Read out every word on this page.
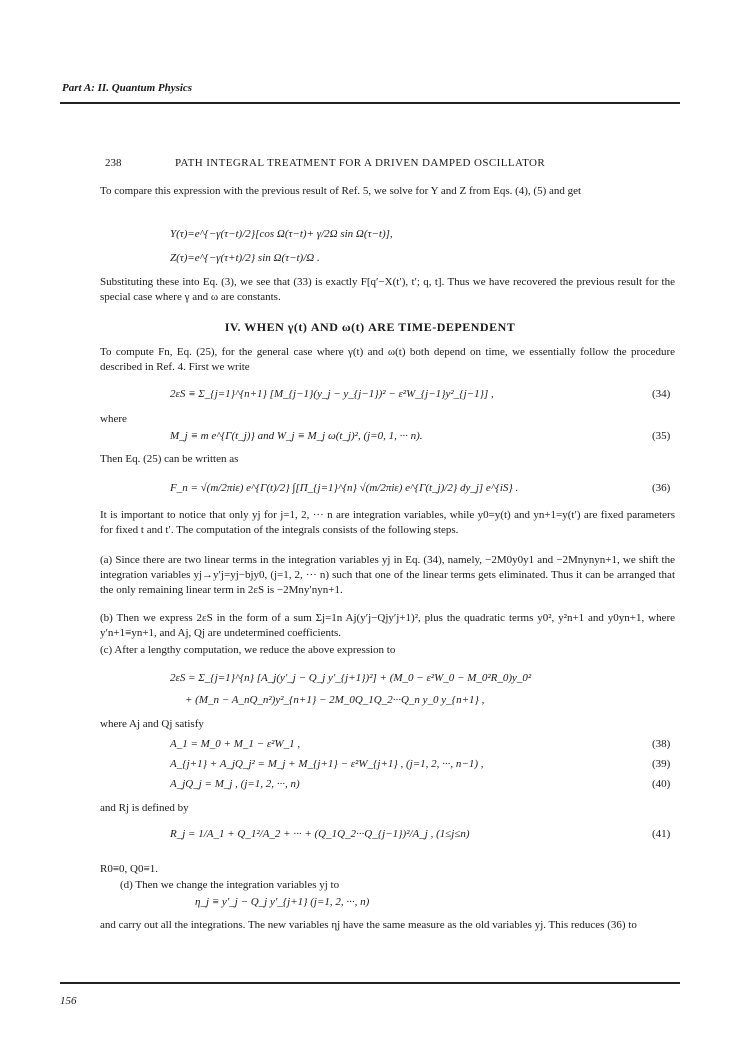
Part A: II. Quantum Physics
238	PATH INTEGRAL TREATMENT FOR A DRIVEN DAMPED OSCILLATOR
To compare this expression with the previous result of Ref. 5, we solve for Y and Z from Eqs. (4), (5) and get
Y(τ)=e^{−γ(τ−t)/2}[cos Ω(τ−t)+ γ/2Ω sin Ω(τ−t)],
Z(τ)=e^{−γ(τ+t)/2} sin Ω(τ−t)/Ω .
Substituting these into Eq. (3), we see that (33) is exactly F[q′−X(t′), t′; q, t]. Thus we have recovered the previous result for the special case where γ and ω are constants.
IV. WHEN γ(t) AND ω(t) ARE TIME-DEPENDENT
To compute Fn, Eq. (25), for the general case where γ(t) and ω(t) both depend on time, we essentially follow the procedure described in Ref. 4. First we write
2εS ≡ Σ_{j=1}^{n+1} [M_{j−1}(y_j − y_{j−1})² − ε²W_{j−1}y²_{j−1}] ,	(34)
where
M_j ≡ m e^{Γ(t_j)} and W_j ≡ M_j ω(t_j)², (j=0, 1, ··· n).	(35)
Then Eq. (25) can be written as
F_n = √(m/2πiε) e^{Γ(t)/2} ∫[Π_{j=1}^{n} √(m/2πiε) e^{Γ(t_j)/2} dy_j] e^{iS} .	(36)
It is important to notice that only yj for j=1, 2, ··· n are integration variables, while y0=y(t) and yn+1=y(t′) are fixed parameters for fixed t and t′. The computation of the integrals consists of the following steps.
(a) Since there are two linear terms in the integration variables yj in Eq. (34), namely, −2M0y0y1 and −2Mnynyn+1, we shift the integration variables yj→y′j=yj−bjy0, (j=1, 2, ··· n) such that one of the linear terms gets eliminated. Thus it can be arranged that the only remaining linear term in 2εS is −2Mny′nyn+1.
(b) Then we express 2εS in the form of a sum Σj=1n Aj(y′j−Qjy′j+1)², plus the quadratic terms y0², y²n+1 and y0yn+1, where y′n+1≡yn+1, and Aj, Qj are undetermined coefficients.
(c) After a lengthy computation, we reduce the above expression to
2εS = Σ_{j=1}^{n} [A_j(y′_j − Q_j y′_{j+1})²] + (M_0 − ε²W_0 − M_0²R_0)y_0²
+ (M_n − A_nQ_n²)y²_{n+1} − 2M_0Q_1Q_2···Q_n y_0 y_{n+1} ,
where Aj and Qj satisfy
A_1 = M_0 + M_1 − ε²W_1 ,	(38)
A_{j+1} + A_jQ_j² = M_j + M_{j+1} − ε²W_{j+1} , (j=1, 2, ···, n−1) ,	(39)
A_jQ_j = M_j , (j=1, 2, ···, n)	(40)
and Rj is defined by
R_j = 1/A_1 + Q_1²/A_2 + ··· + (Q_1Q_2···Q_{j−1})²/A_j , (1≤j≤n)	(41)
R0≡0, Q0≡1.
(d) Then we change the integration variables yj to
η_j ≡ y′_j − Q_j y′_{j+1} (j=1, 2, ···, n)
and carry out all the integrations. The new variables ηj have the same measure as the old variables yj. This reduces (36) to
156
